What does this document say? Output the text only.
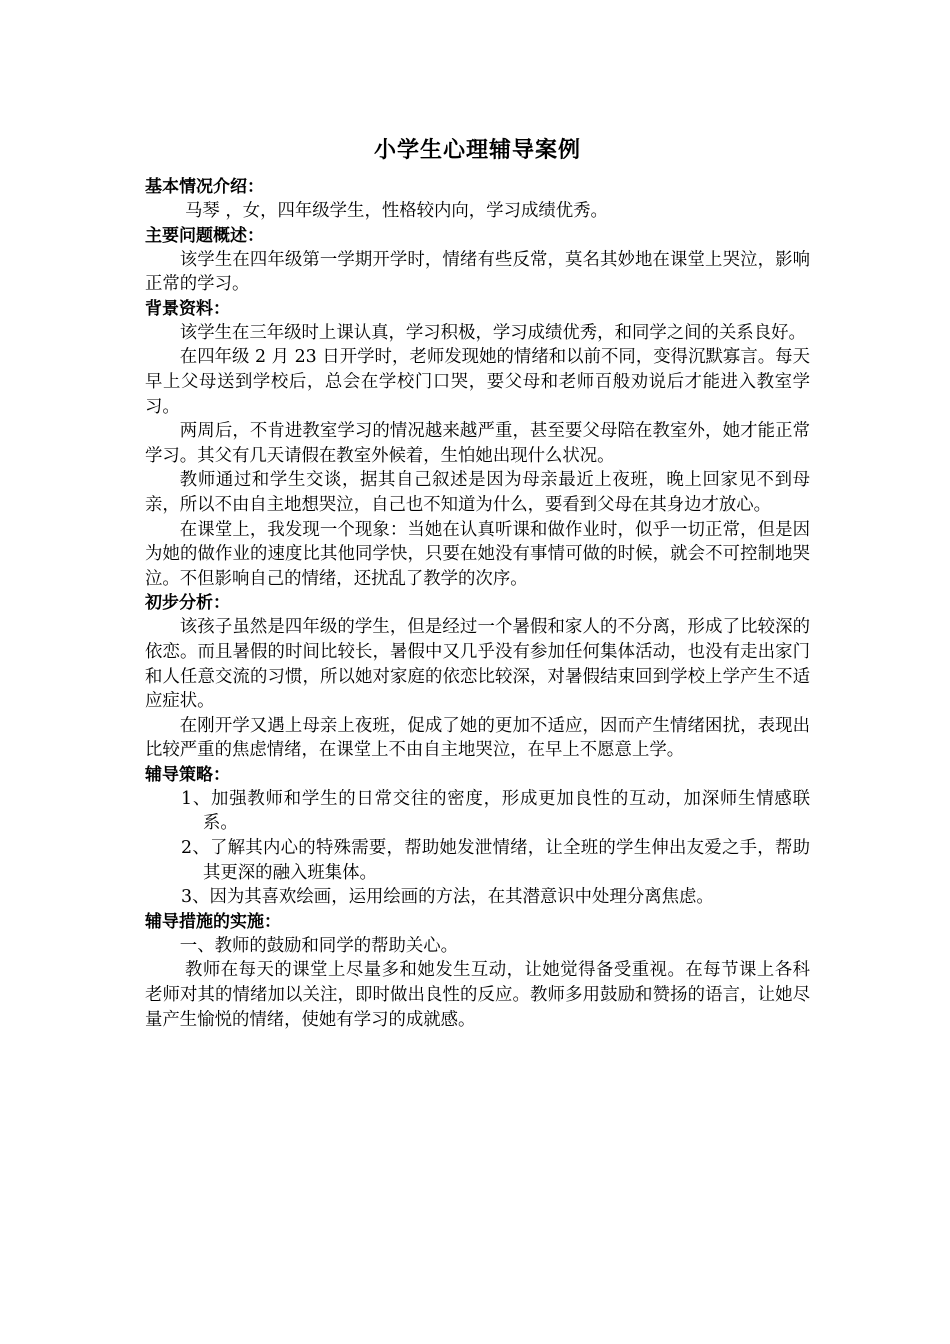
小学生心理辅导案例
基本情况介绍：

马琴 ，女，四年级学生，性格较内向，学习成绩优秀。

主要问题概述：

该学生在四年级第一学期开学时，情绪有些反常，莫名其妙地在课堂上哭泣，影响正常的学习。

背景资料：

该学生在三年级时上课认真，学习积极，学习成绩优秀，和同学之间的关系良好。

在四年级 2 月 23 日开学时，老师发现她的情绪和以前不同，变得沉默寡言。每天早上父母送到学校后，总会在学校门口哭，要父母和老师百般劝说后才能进入教室学习。

两周后，不肯进教室学习的情况越来越严重，甚至要父母陪在教室外，她才能正常学习。其父有几天请假在教室外候着，生怕她出现什么状况。

教师通过和学生交谈，据其自己叙述是因为母亲最近上夜班，晚上回家见不到母亲，所以不由自主地想哭泣，自己也不知道为什么，要看到父母在其身边才放心。

在课堂上，我发现一个现象：当她在认真听课和做作业时，似乎一切正常，但是因为她的做作业的速度比其他同学快，只要在她没有事情可做的时候，就会不可控制地哭泣。不但影响自己的情绪，还扰乱了教学的次序。

初步分析：

该孩子虽然是四年级的学生，但是经过一个暑假和家人的不分离，形成了比较深的依恋。而且暑假的时间比较长，暑假中又几乎没有参加任何集体活动，也没有走出家门和人任意交流的习惯，所以她对家庭的依恋比较深，对暑假结束回到学校上学产生不适应症状。

在刚开学又遇上母亲上夜班，促成了她的更加不适应，因而产生情绪困扰，表现出比较严重的焦虑情绪，在课堂上不由自主地哭泣，在早上不愿意上学。

辅导策略：
1、加强教师和学生的日常交往的密度，形成更加良性的互动，加深师生情感联系。
2、了解其内心的特殊需要，帮助她发泄情绪，让全班的学生伸出友爱之手，帮助其更深的融入班集体。
3、因为其喜欢绘画，运用绘画的方法，在其潜意识中处理分离焦虑。
辅导措施的实施：

一、教师的鼓励和同学的帮助关心。

教师在每天的课堂上尽量多和她发生互动，让她觉得备受重视。在每节课上各科老师对其的情绪加以关注，即时做出良性的反应。教师多用鼓励和赞扬的语言，让她尽量产生愉悦的情绪，使她有学习的成就感。
